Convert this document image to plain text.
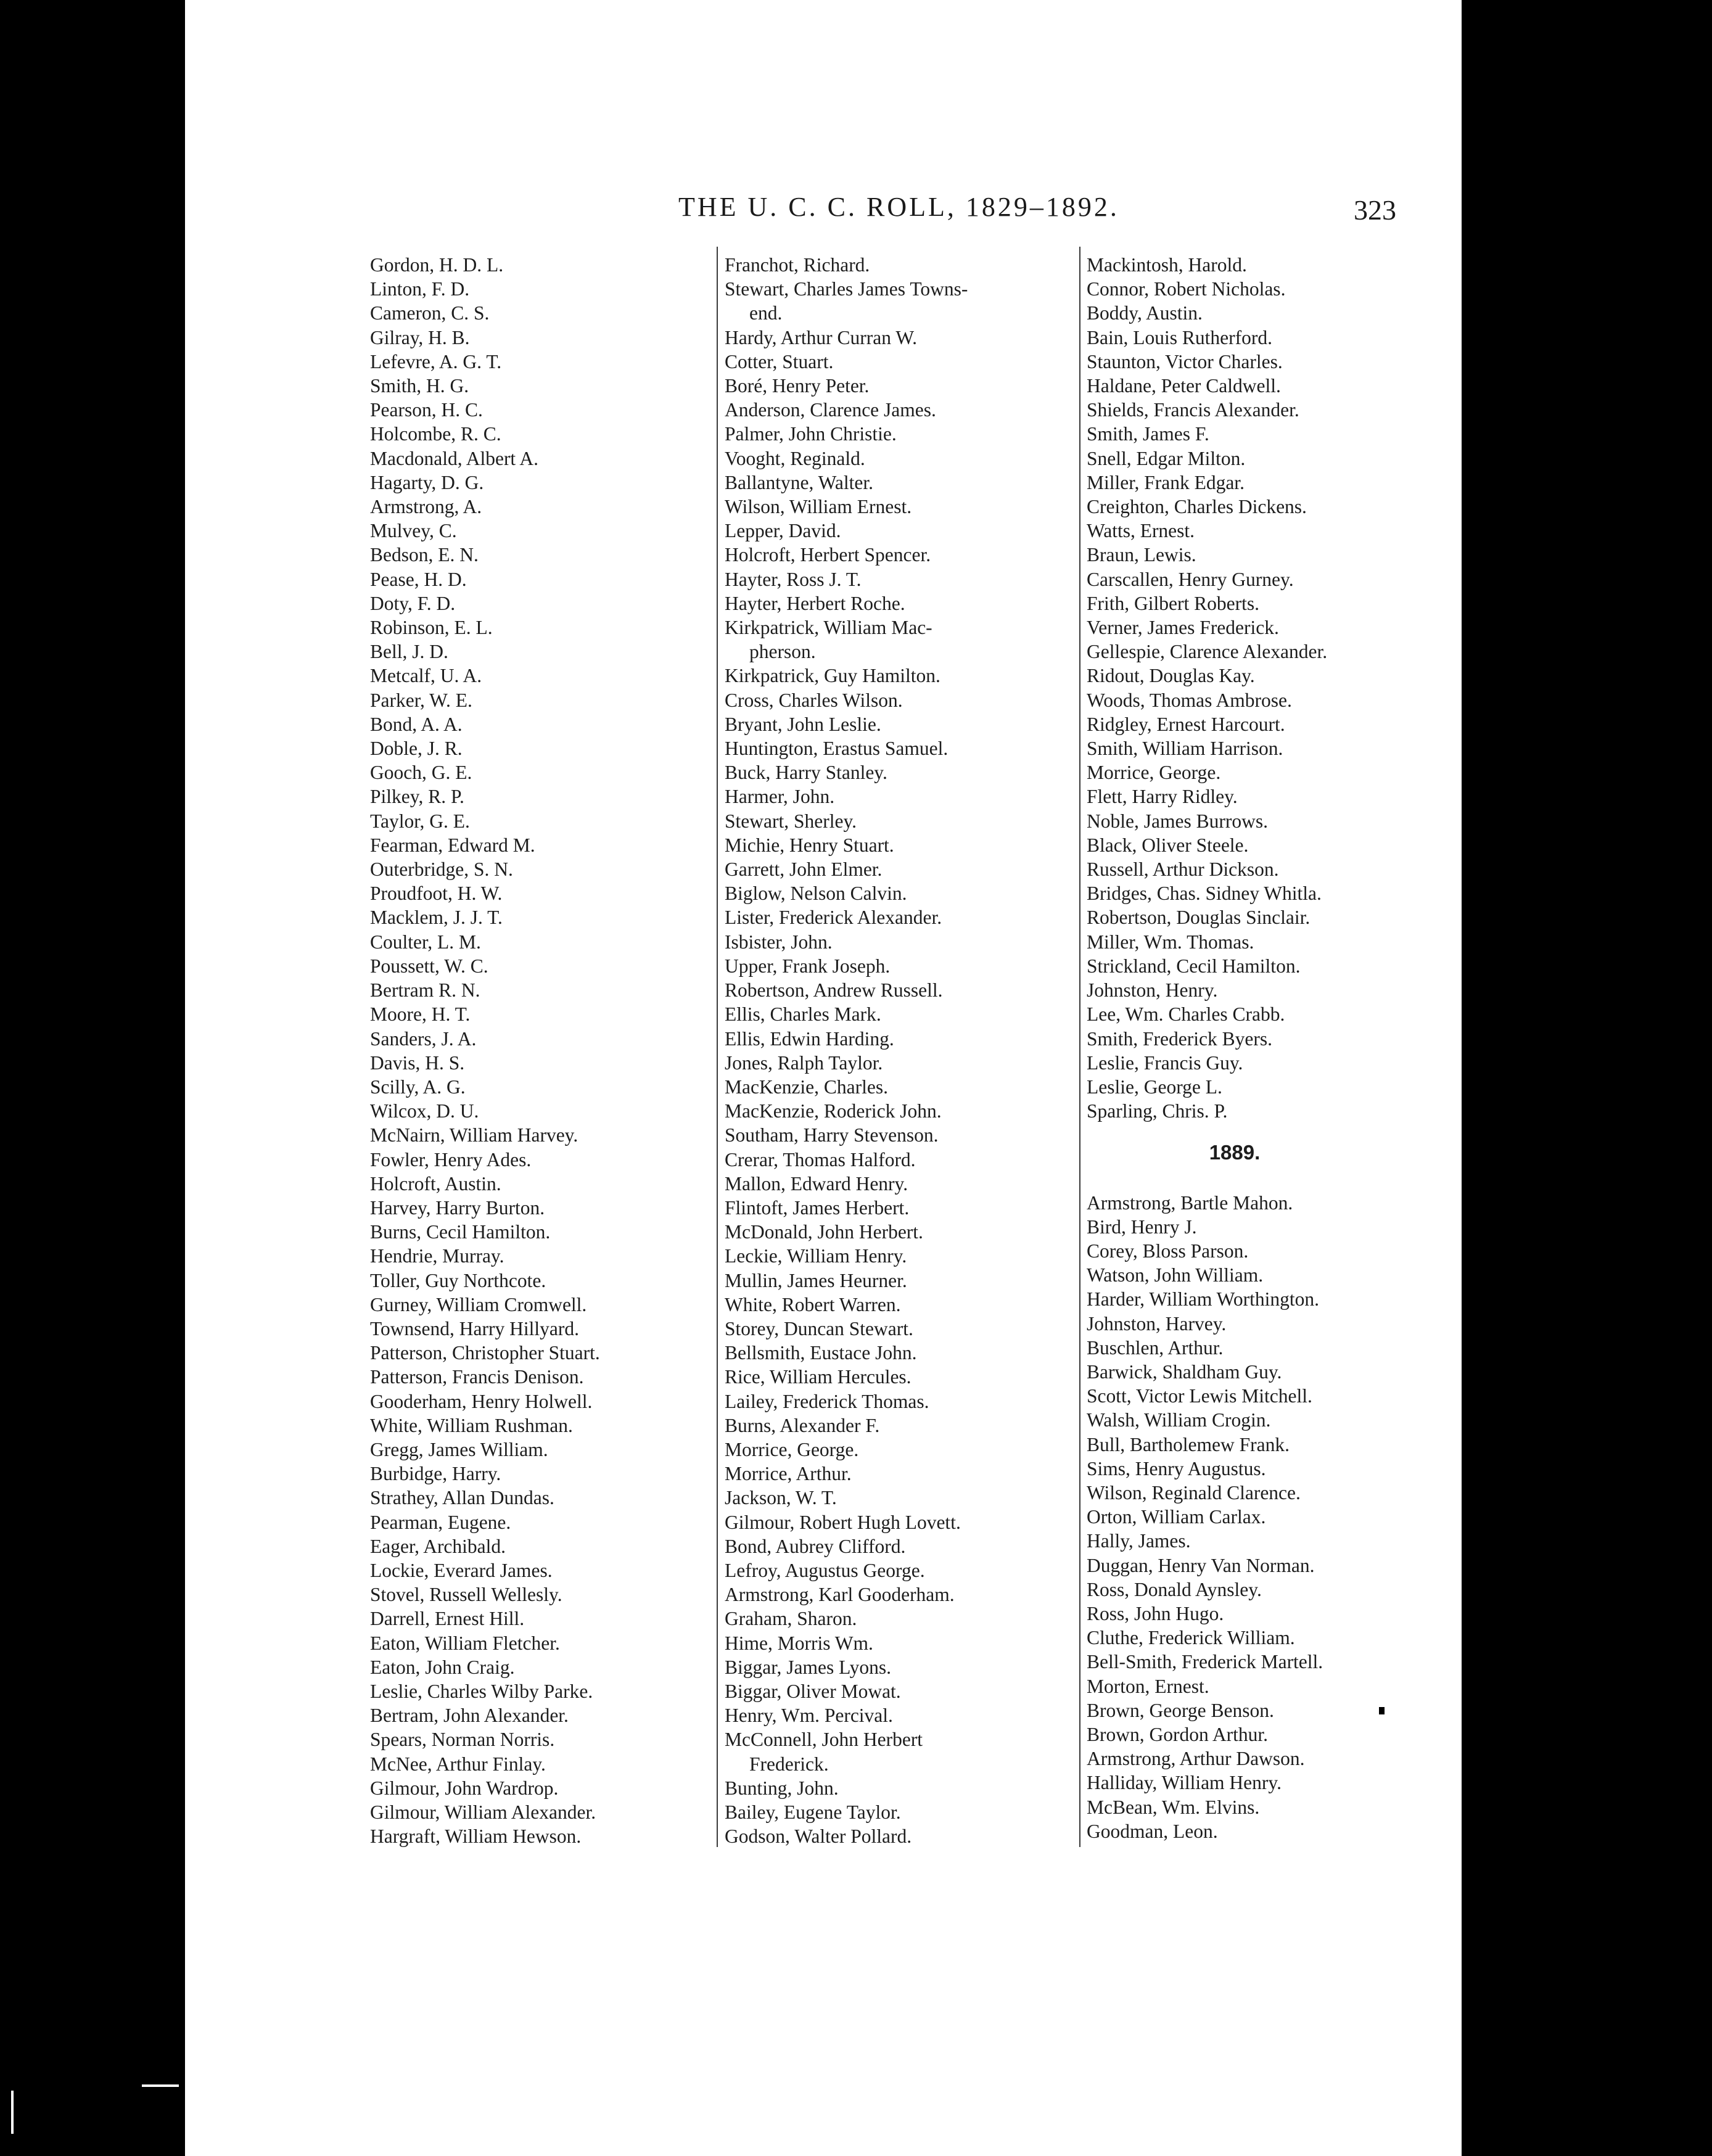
THE U. C. C. ROLL, 1829–1892.	323
Gordon, H. D. L.
Linton, F. D.
Cameron, C. S.
Gilray, H. B.
Lefevre, A. G. T.
Smith, H. G.
Pearson, H. C.
Holcombe, R. C.
Macdonald, Albert A.
Hagarty, D. G.
Armstrong, A.
Mulvey, C.
Bedson, E. N.
Pease, H. D.
Doty, F. D.
Robinson, E. L.
Bell, J. D.
Metcalf, U. A.
Parker, W. E.
Bond, A. A.
Doble, J. R.
Gooch, G. E.
Pilkey, R. P.
Taylor, G. E.
Fearman, Edward M.
Outerbridge, S. N.
Proudfoot, H. W.
Macklem, J. J. T.
Coulter, L. M.
Poussett, W. C.
Bertram R. N.
Moore, H. T.
Sanders, J. A.
Davis, H. S.
Scilly, A. G.
Wilcox, D. U.
McNairn, William Harvey.
Fowler, Henry Ades.
Holcroft, Austin.
Harvey, Harry Burton.
Burns, Cecil Hamilton.
Hendrie, Murray.
Toller, Guy Northcote.
Gurney, William Cromwell.
Townsend, Harry Hillyard.
Patterson, Christopher Stuart.
Patterson, Francis Denison.
Gooderham, Henry Holwell.
White, William Rushman.
Gregg, James William.
Burbidge, Harry.
Strathey, Allan Dundas.
Pearman, Eugene.
Eager, Archibald.
Lockie, Everard James.
Stovel, Russell Wellesly.
Darrell, Ernest Hill.
Eaton, William Fletcher.
Eaton, John Craig.
Leslie, Charles Wilby Parke.
Bertram, John Alexander.
Spears, Norman Norris.
McNee, Arthur Finlay.
Gilmour, John Wardrop.
Gilmour, William Alexander.
Hargraft, William Hewson.
Franchot, Richard.
Stewart, Charles James Towns-
end.
Hardy, Arthur Curran W.
Cotter, Stuart.
Boré, Henry Peter.
Anderson, Clarence James.
Palmer, John Christie.
Vooght, Reginald.
Ballantyne, Walter.
Wilson, William Ernest.
Lepper, David.
Holcroft, Herbert Spencer.
Hayter, Ross J. T.
Hayter, Herbert Roche.
Kirkpatrick, William Mac-
pherson.
Kirkpatrick, Guy Hamilton.
Cross, Charles Wilson.
Bryant, John Leslie.
Huntington, Erastus Samuel.
Buck, Harry Stanley.
Harmer, John.
Stewart, Sherley.
Michie, Henry Stuart.
Garrett, John Elmer.
Biglow, Nelson Calvin.
Lister, Frederick Alexander.
Isbister, John.
Upper, Frank Joseph.
Robertson, Andrew Russell.
Ellis, Charles Mark.
Ellis, Edwin Harding.
Jones, Ralph Taylor.
MacKenzie, Charles.
MacKenzie, Roderick John.
Southam, Harry Stevenson.
Crerar, Thomas Halford.
Mallon, Edward Henry.
Flintoft, James Herbert.
McDonald, John Herbert.
Leckie, William Henry.
Mullin, James Heurner.
White, Robert Warren.
Storey, Duncan Stewart.
Bellsmith, Eustace John.
Rice, William Hercules.
Lailey, Frederick Thomas.
Burns, Alexander F.
Morrice, George.
Morrice, Arthur.
Jackson, W. T.
Gilmour, Robert Hugh Lovett.
Bond, Aubrey Clifford.
Lefroy, Augustus George.
Armstrong, Karl Gooderham.
Graham, Sharon.
Hime, Morris Wm.
Biggar, James Lyons.
Biggar, Oliver Mowat.
Henry, Wm. Percival.
McConnell, John Herbert
Frederick.
Bunting, John.
Bailey, Eugene Taylor.
Godson, Walter Pollard.
Mackintosh, Harold.
Connor, Robert Nicholas.
Boddy, Austin.
Bain, Louis Rutherford.
Staunton, Victor Charles.
Haldane, Peter Caldwell.
Shields, Francis Alexander.
Smith, James F.
Snell, Edgar Milton.
Miller, Frank Edgar.
Creighton, Charles Dickens.
Watts, Ernest.
Braun, Lewis.
Carscallen, Henry Gurney.
Frith, Gilbert Roberts.
Verner, James Frederick.
Gellespie, Clarence Alexander.
Ridout, Douglas Kay.
Woods, Thomas Ambrose.
Ridgley, Ernest Harcourt.
Smith, William Harrison.
Morrice, George.
Flett, Harry Ridley.
Noble, James Burrows.
Black, Oliver Steele.
Russell, Arthur Dickson.
Bridges, Chas. Sidney Whitla.
Robertson, Douglas Sinclair.
Miller, Wm. Thomas.
Strickland, Cecil Hamilton.
Johnston, Henry.
Lee, Wm. Charles Crabb.
Smith, Frederick Byers.
Leslie, Francis Guy.
Leslie, George L.
Sparling, Chris. P.
1889.
Armstrong, Bartle Mahon.
Bird, Henry J.
Corey, Bloss Parson.
Watson, John William.
Harder, William Worthington.
Johnston, Harvey.
Buschlen, Arthur.
Barwick, Shaldham Guy.
Scott, Victor Lewis Mitchell.
Walsh, William Crogin.
Bull, Bartholemew Frank.
Sims, Henry Augustus.
Wilson, Reginald Clarence.
Orton, William Carlax.
Hally, James.
Duggan, Henry Van Norman.
Ross, Donald Aynsley.
Ross, John Hugo.
Cluthe, Frederick William.
Bell-Smith, Frederick Martell.
Morton, Ernest.
Brown, George Benson.
Brown, Gordon Arthur.
Armstrong, Arthur Dawson.
Halliday, William Henry.
McBean, Wm. Elvins.
Goodman, Leon.
